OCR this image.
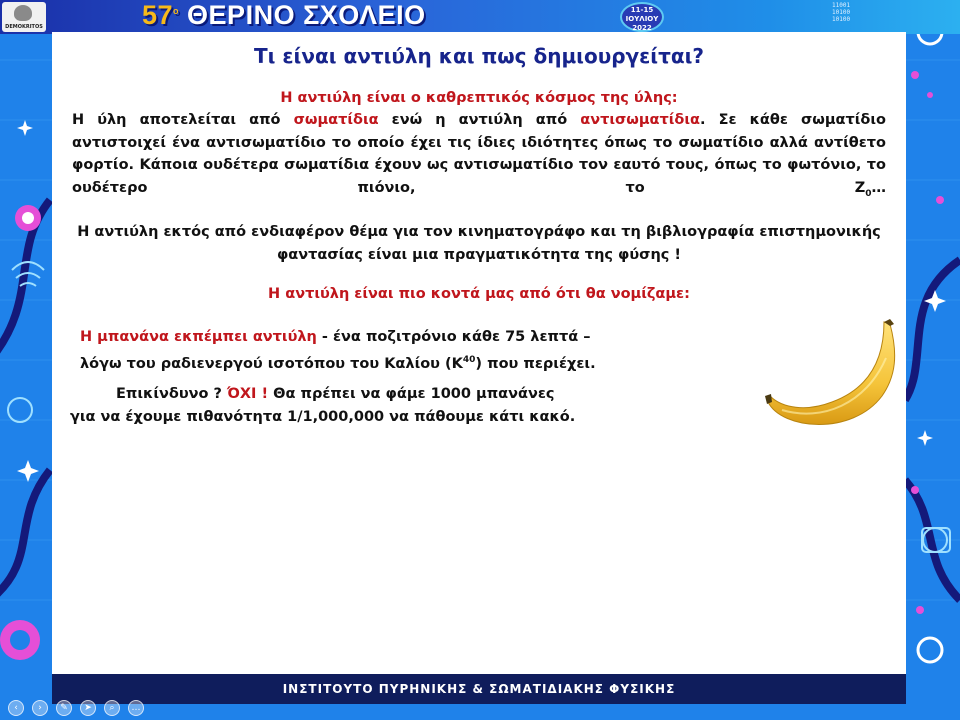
DEMOKRITOS	$57^o$ ΘΕΡΙΝΟ ΣΧΟΛΕΙΟ	11-15
ΙΟΥΛΙΟΥ
2022
11001
10100
10100
Τι είναι αντιύλη και πως δημιουργείται?
Η αντιύλη είναι ο καθρεπτικός κόσμος της ύλης:

Η ύλη αποτελείται από σωματίδια ενώ η αντιύλη από αντισωματίδια. Σε κάθε σωματίδιο αντιστοιχεί ένα αντισωματίδιο το οποίο έχει τις ίδιες ιδιότητες όπως το σωματίδιο αλλά αντίθετο φορτίο. Κάποια ουδέτερα σωματίδια έχουν ως αντισωματίδιο τον εαυτό τους, όπως το φωτόνιο, το ουδέτερο πιόνιο, το $Z_0\dots$

Η αντιύλη εκτός από ενδιαφέρον θέμα για τον κινηματογράφο και τη βιβλιογραφία επιστημονικής φαντασίας είναι μια πραγματικότητα της φύσης !

Η αντιύλη είναι πιο κοντά μας από ότι θα νομίζαμε:

Η μπανάνα εκπέμπει αντιύλη - ένα ποζιτρόνιο κάθε 75 λεπτά –
λόγω του ραδιενεργού ισοτόπου του Καλίου $(K^{40})$ που περιέχει.

Επικίνδυνο ? ΌΧΙ ! Θα πρέπει να φάμε 1000 μπανάνες
για να έχουμε πιθανότητα 1/1,000,000 να πάθουμε κάτι κακό.

ΙΝΣΤΙΤΟΥΤΟ ΠΥΡΗΝΙΚΗΣ & ΣΩΜΑΤΙΔΙΑΚΗΣ ΦΥΣΙΚΗΣ
‹	›	✎	➤	⌕	…
